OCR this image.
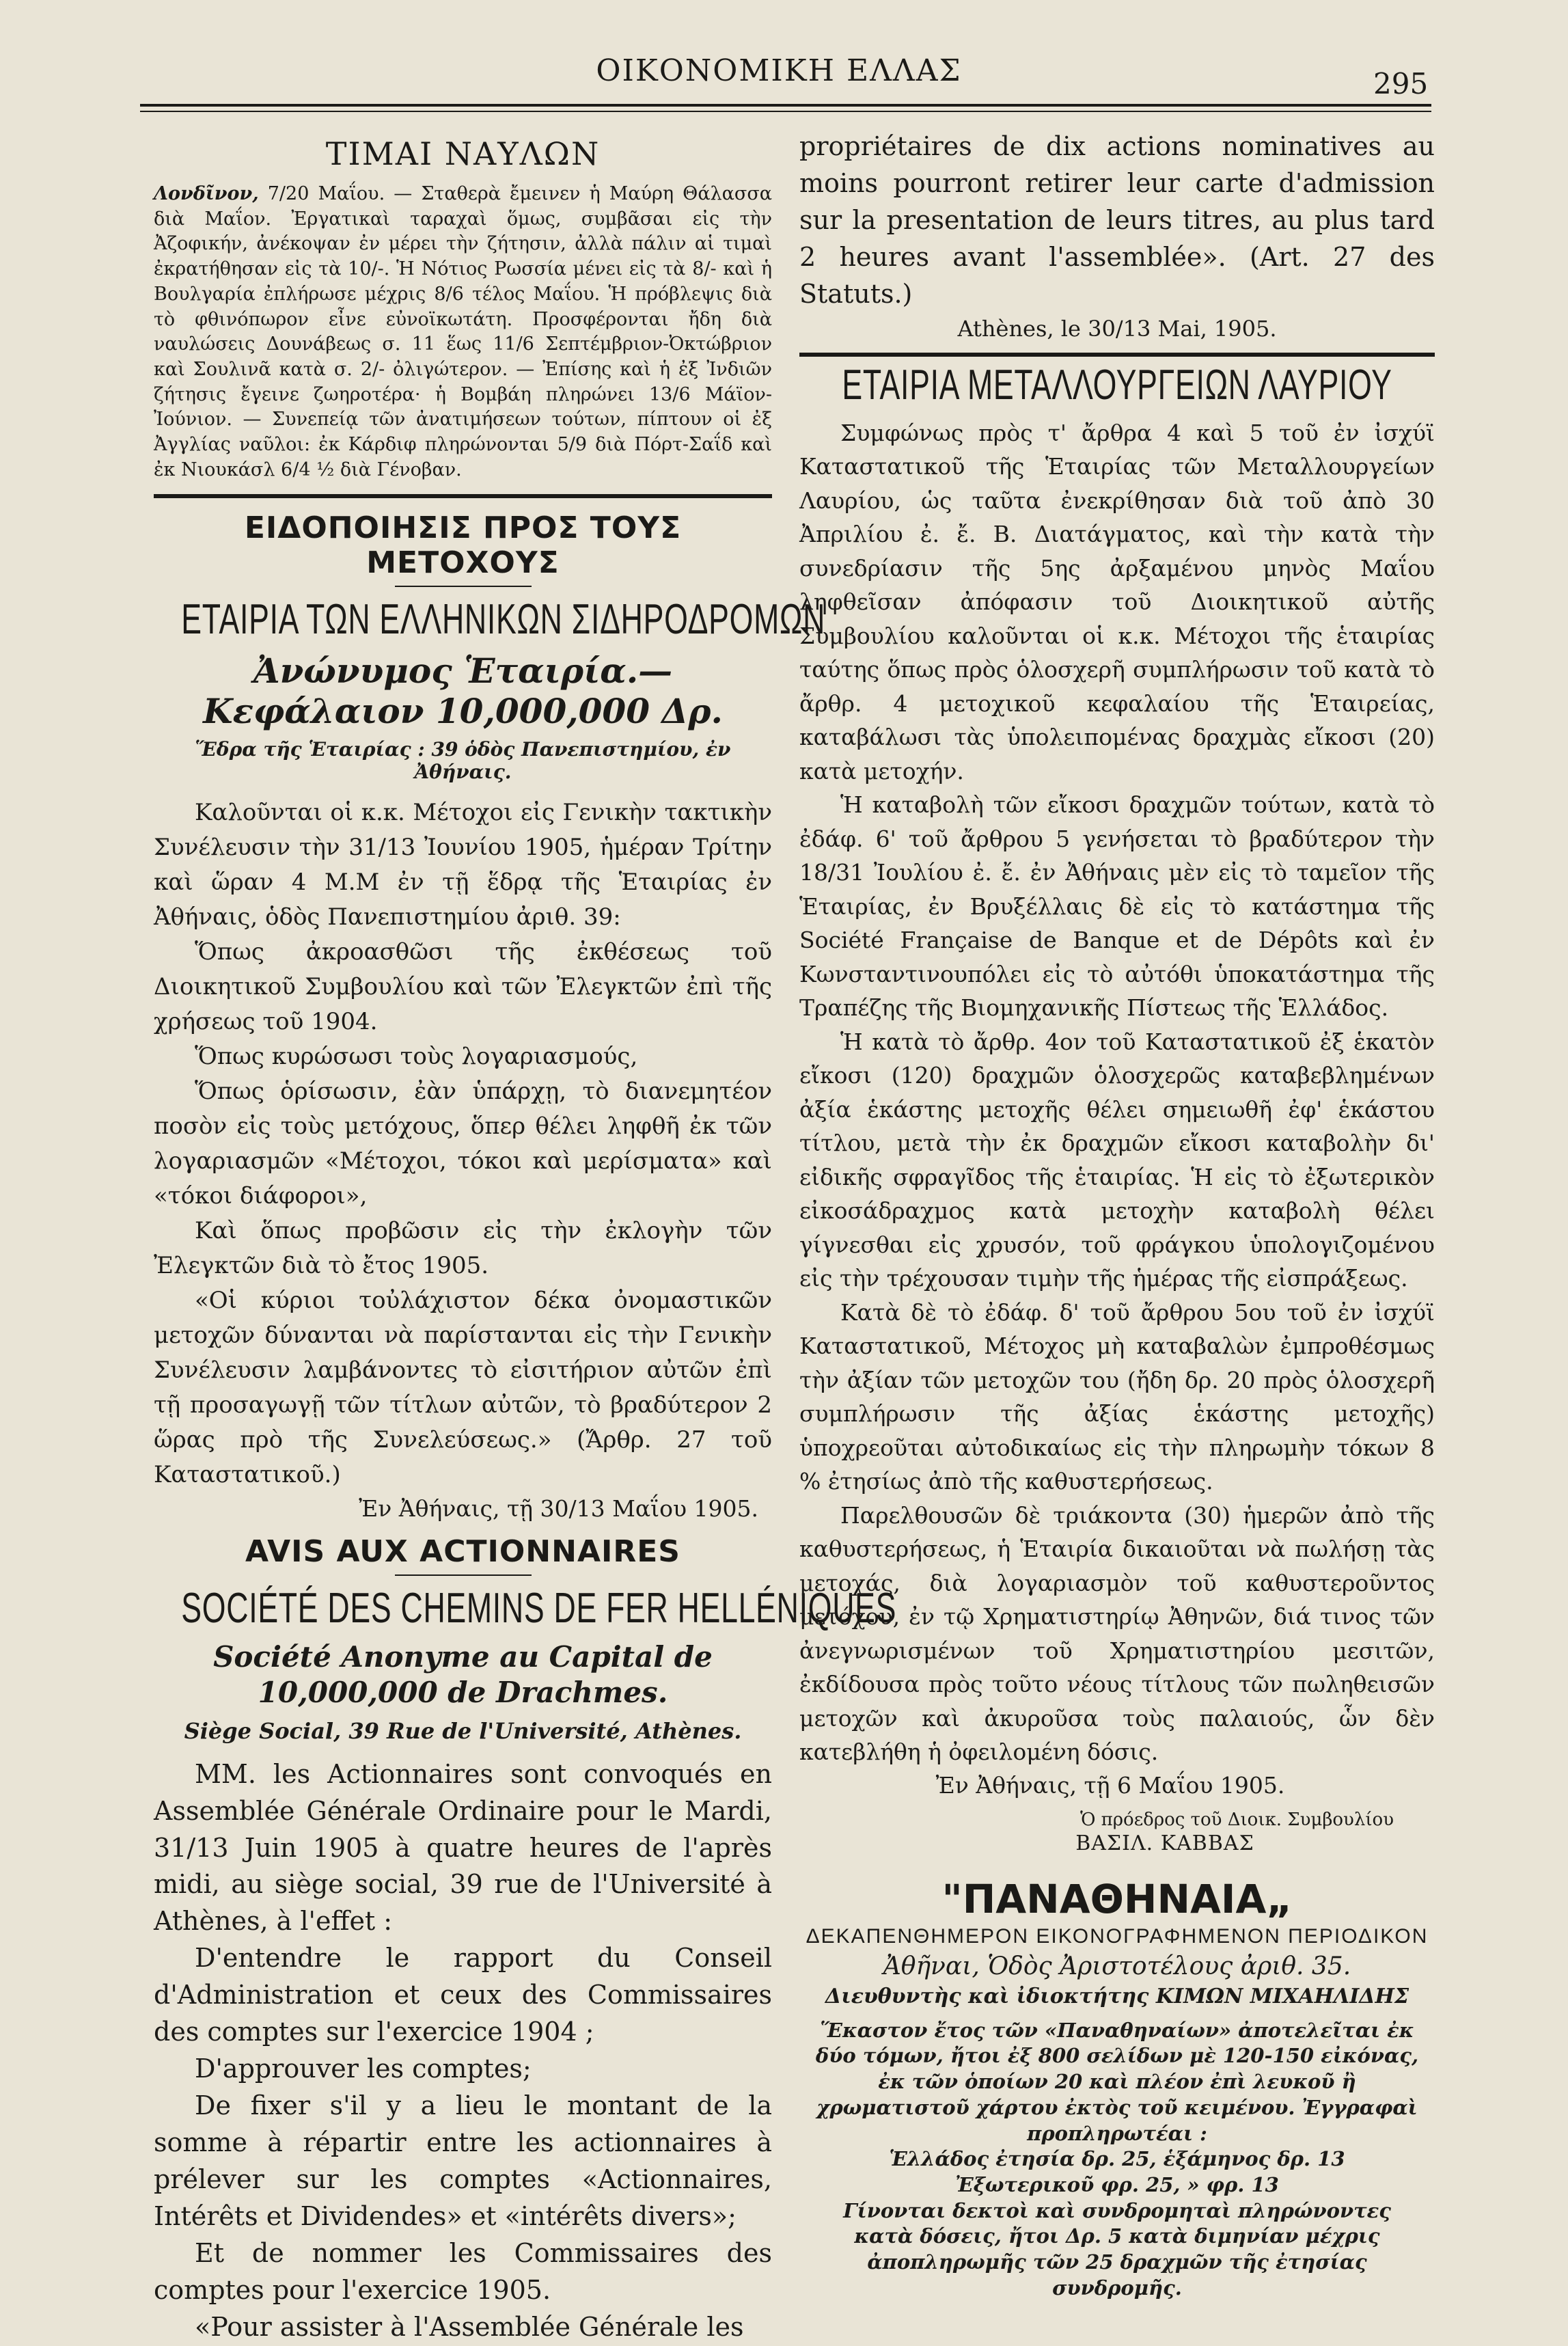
ΟΙΚΟΝΟΜΙΚΗ ΕΛΛΑΣ	295
ΤΙΜΑΙ ΝΑΥΛΩΝ
Λονδῖνον, 7/20 Μαΐου. — Σταθερὰ ἔμεινεν ἡ Μαύρη Θάλασσα διὰ Μαΐον. Ἐργατικαὶ ταραχαὶ ὅμως, συμβᾶσαι εἰς τὴν Ἀζοφικήν, ἀνέκοψαν ἐν μέρει τὴν ζήτησιν, ἀλλὰ πάλιν αἱ τιμαὶ ἐκρατήθησαν εἰς τὰ 10/-. Ἡ Νότιος Ρωσσία μένει εἰς τὰ 8/- καὶ ἡ Βουλγαρία ἐπλήρωσε μέχρις 8/6 τέλος Μαΐου. Ἡ πρόβλεψις διὰ τὸ φθινόπωρον εἶνε εὐνοϊκωτάτη. Προσφέρονται ἤδη διὰ ναυλώσεις Δουνάβεως σ. 11 ἕως 11/6 Σεπτέμβριον-Ὀκτώβριον καὶ Σουλινᾶ κατὰ σ. 2/- ὀλιγώτερον. — Ἐπίσης καὶ ἡ ἐξ Ἰνδιῶν ζήτησις ἔγεινε ζωηροτέρα· ἡ Βομβάη πληρώνει 13/6 Μάϊον-Ἰούνιον. — Συνεπείᾳ τῶν ἀνατιμήσεων τούτων, πίπτουν οἱ ἐξ Ἀγγλίας ναῦλοι: ἐκ Κάρδιφ πληρώνονται 5/9 διὰ Πόρτ-Σαΐδ καὶ ἐκ Νιουκάσλ 6/4 ½ διὰ Γένοβαν.
ΕΙΔΟΠΟΙΗΣΙΣ ΠΡΟΣ ΤΟΥΣ ΜΕΤΟΧΟΥΣ
ΕΤΑΙΡΙΑ ΤΩΝ ΕΛΛΗΝΙΚΩΝ ΣΙΔΗΡΟΔΡΟΜΩΝ
Ἀνώνυμος Ἑταιρία.—Κεφάλαιον 10,000,000 Δρ.
Ἕδρα τῆς Ἑταιρίας : 39 ὁδὸς Πανεπιστημίου, ἐν Ἀθήναις.

Καλοῦνται οἱ κ.κ. Μέτοχοι εἰς Γενικὴν τακτικὴν Συνέλευσιν τὴν 31/13 Ἰουνίου 1905, ἡμέραν Τρίτην καὶ ὥραν 4 Μ.Μ ἐν τῇ ἕδρᾳ τῆς Ἑταιρίας ἐν Ἀθήναις, ὁδὸς Πανεπιστημίου ἀριθ. 39:

Ὅπως ἀκροασθῶσι τῆς ἐκθέσεως τοῦ Διοικητικοῦ Συμβουλίου καὶ τῶν Ἐλεγκτῶν ἐπὶ τῆς χρήσεως τοῦ 1904.

Ὅπως κυρώσωσι τοὺς λογαριασμούς,

Ὅπως ὁρίσωσιν, ἐὰν ὑπάρχῃ, τὸ διανεμητέον ποσὸν εἰς τοὺς μετόχους, ὅπερ θέλει ληφθῆ ἐκ τῶν λογαριασμῶν «Μέτοχοι, τόκοι καὶ μερίσματα» καὶ «τόκοι διάφοροι»,

Καὶ ὅπως προβῶσιν εἰς τὴν ἐκλογὴν τῶν Ἐλεγκτῶν διὰ τὸ ἔτος 1905.

«Οἱ κύριοι τοὐλάχιστον δέκα ὀνομαστικῶν μετοχῶν δύνανται νὰ παρίστανται εἰς τὴν Γενικὴν Συνέλευσιν λαμβάνοντες τὸ εἰσιτήριον αὐτῶν ἐπὶ τῇ προσαγωγῇ τῶν τίτλων αὐτῶν, τὸ βραδύτερον 2 ὥρας πρὸ τῆς Συνελεύσεως.» (Ἄρθρ. 27 τοῦ Καταστατικοῦ.)

Ἐν Ἀθήναις, τῇ 30/13 Μαΐου 1905.
AVIS AUX ACTIONNAIRES
SOCIÉTÉ DES CHEMINS DE FER HELLÉNIQUES
Société Anonyme au Capital de 10,000,000 de Drachmes.
Siège Social, 39 Rue de l'Université, Athènes.

MM. les Actionnaires sont convoqués en Assemblée Générale Ordinaire pour le Mardi, 31/13 Juin 1905 à quatre heures de l'après midi, au siège social, 39 rue de l'Université à Athènes, à l'effet :

D'entendre le rapport du Conseil d'Administration et ceux des Commissaires des comptes sur l'exercice 1904 ;

D'approuver les comptes;

De fixer s'il y a lieu le montant de la somme à répartir entre les actionnaires à prélever sur les comptes «Actionnaires, Intérêts et Dividendes» et «intérêts divers»;

Et de nommer les Commissaires des comptes pour l'exercice 1905.

«Pour assister à l'Assemblée Générale les

propriétaires de dix actions nominatives au moins pourront retirer leur carte d'admission sur la presentation de leurs titres, au plus tard 2 heures avant l'assemblée». (Art. 27 des Statuts.)
Athènes, le 30/13 Mai, 1905.
ΕΤΑΙΡΙΑ ΜΕΤΑΛΛΟΥΡΓΕΙΩΝ ΛΑΥΡΙΟΥ

Συμφώνως πρὸς τ' ἄρθρα 4 καὶ 5 τοῦ ἐν ἰσχύϊ Καταστατικοῦ τῆς Ἑταιρίας τῶν Μεταλλουργείων Λαυρίου, ὡς ταῦτα ἐνεκρίθησαν διὰ τοῦ ἀπὸ 30 Ἀπριλίου ἐ. ἔ. Β. Διατάγματος, καὶ τὴν κατὰ τὴν συνεδρίασιν τῆς 5ης ἀρξαμένου μηνὸς Μαΐου ληφθεῖσαν ἀπόφασιν τοῦ Διοικητικοῦ αὐτῆς Συμβουλίου καλοῦνται οἱ κ.κ. Μέτοχοι τῆς ἑταιρίας ταύτης ὅπως πρὸς ὁλοσχερῆ συμπλήρωσιν τοῦ κατὰ τὸ ἄρθρ. 4 μετοχικοῦ κεφαλαίου τῆς Ἑταιρείας, καταβάλωσι τὰς ὑπολειπομένας δραχμὰς εἴκοσι (20) κατὰ μετοχήν.

Ἡ καταβολὴ τῶν εἴκοσι δραχμῶν τούτων, κατὰ τὸ ἐδάφ. 6' τοῦ ἄρθρου 5 γενήσεται τὸ βραδύτερον τὴν 18/31 Ἰουλίου ἐ. ἔ. ἐν Ἀθήναις μὲν εἰς τὸ ταμεῖον τῆς Ἑταιρίας, ἐν Βρυξέλλαις δὲ εἰς τὸ κατάστημα τῆς Société Française de Banque et de Dépôts καὶ ἐν Κωνσταντινουπόλει εἰς τὸ αὐτόθι ὑποκατάστημα τῆς Τραπέζης τῆς Βιομηχανικῆς Πίστεως τῆς Ἑλλάδος.

Ἡ κατὰ τὸ ἄρθρ. 4ον τοῦ Καταστατικοῦ ἐξ ἑκατὸν εἴκοσι (120) δραχμῶν ὁλοσχερῶς καταβεβλημένων ἀξία ἑκάστης μετοχῆς θέλει σημειωθῆ ἐφ' ἑκάστου τίτλου, μετὰ τὴν ἐκ δραχμῶν εἴκοσι καταβολὴν δι' εἰδικῆς σφραγῖδος τῆς ἑταιρίας. Ἡ εἰς τὸ ἐξωτερικὸν εἰκοσάδραχμος κατὰ μετοχὴν καταβολὴ θέλει γίγνεσθαι εἰς χρυσόν, τοῦ φράγκου ὑπολογιζομένου εἰς τὴν τρέχουσαν τιμὴν τῆς ἡμέρας τῆς εἰσπράξεως.

Κατὰ δὲ τὸ ἐδάφ. δ' τοῦ ἄρθρου 5ου τοῦ ἐν ἰσχύϊ Καταστατικοῦ, Μέτοχος μὴ καταβαλὼν ἐμπροθέσμως τὴν ἀξίαν τῶν μετοχῶν του (ἤδη δρ. 20 πρὸς ὁλοσχερῆ συμπλήρωσιν τῆς ἀξίας ἑκάστης μετοχῆς) ὑποχρεοῦται αὐτοδικαίως εἰς τὴν πληρωμὴν τόκων 8 % ἐτησίως ἀπὸ τῆς καθυστερήσεως.

Παρελθουσῶν δὲ τριάκοντα (30) ἡμερῶν ἀπὸ τῆς καθυστερήσεως, ἡ Ἑταιρία δικαιοῦται νὰ πωλήσῃ τὰς μετοχάς, διὰ λογαριασμὸν τοῦ καθυστεροῦντος μετόχου, ἐν τῷ Χρηματιστηρίῳ Ἀθηνῶν, διά τινος τῶν ἀνεγνωρισμένων τοῦ Χρηματιστηρίου μεσιτῶν, ἐκδίδουσα πρὸς τοῦτο νέους τίτλους τῶν πωληθεισῶν μετοχῶν καὶ ἀκυροῦσα τοὺς παλαιούς, ὧν δὲν κατεβλήθη ἡ ὀφειλομένη δόσις.

Ἐν Ἀθήναις, τῇ 6 Μαΐου 1905.
Ὁ πρόεδρος τοῦ Διοικ. Συμβουλίου
ΒΑΣΙΛ. ΚΑΒΒΑΣ
"ΠΑΝΑΘΗΝΑΙΑ„
ΔΕΚΑΠΕΝΘΗΜΕΡΟΝ ΕΙΚΟΝΟΓΡΑΦΗΜΕΝΟΝ ΠΕΡΙΟΔΙΚΟΝ
Ἀθῆναι, Ὁδὸς Ἀριστοτέλους ἀριθ. 35.
Διευθυντὴς καὶ ἰδιοκτήτης ΚΙΜΩΝ ΜΙΧΑΗΛΙΔΗΣ
Ἕκαστον ἔτος τῶν «Παναθηναίων» ἀποτελεῖται ἐκ δύο τόμων, ἤτοι ἐξ 800 σελίδων μὲ 120-150 εἰκόνας, ἐκ τῶν ὁποίων 20 καὶ πλέον ἐπὶ λευκοῦ ἢ χρωματιστοῦ χάρτου ἐκτὸς τοῦ κειμένου. Ἐγγραφαὶ προπληρωτέαι :
Ἑλλάδος ἐτησία δρ. 25, ἑξάμηνος δρ. 13
Ἐξωτερικοῦ φρ. 25, » φρ. 13
Γίνονται δεκτοὶ καὶ συνδρομηταὶ πληρώνοντες κατὰ δόσεις, ἤτοι Δρ. 5 κατὰ διμηνίαν μέχρις ἀποπληρωμῆς τῶν 25 δραχμῶν τῆς ἐτησίας συνδρομῆς.
